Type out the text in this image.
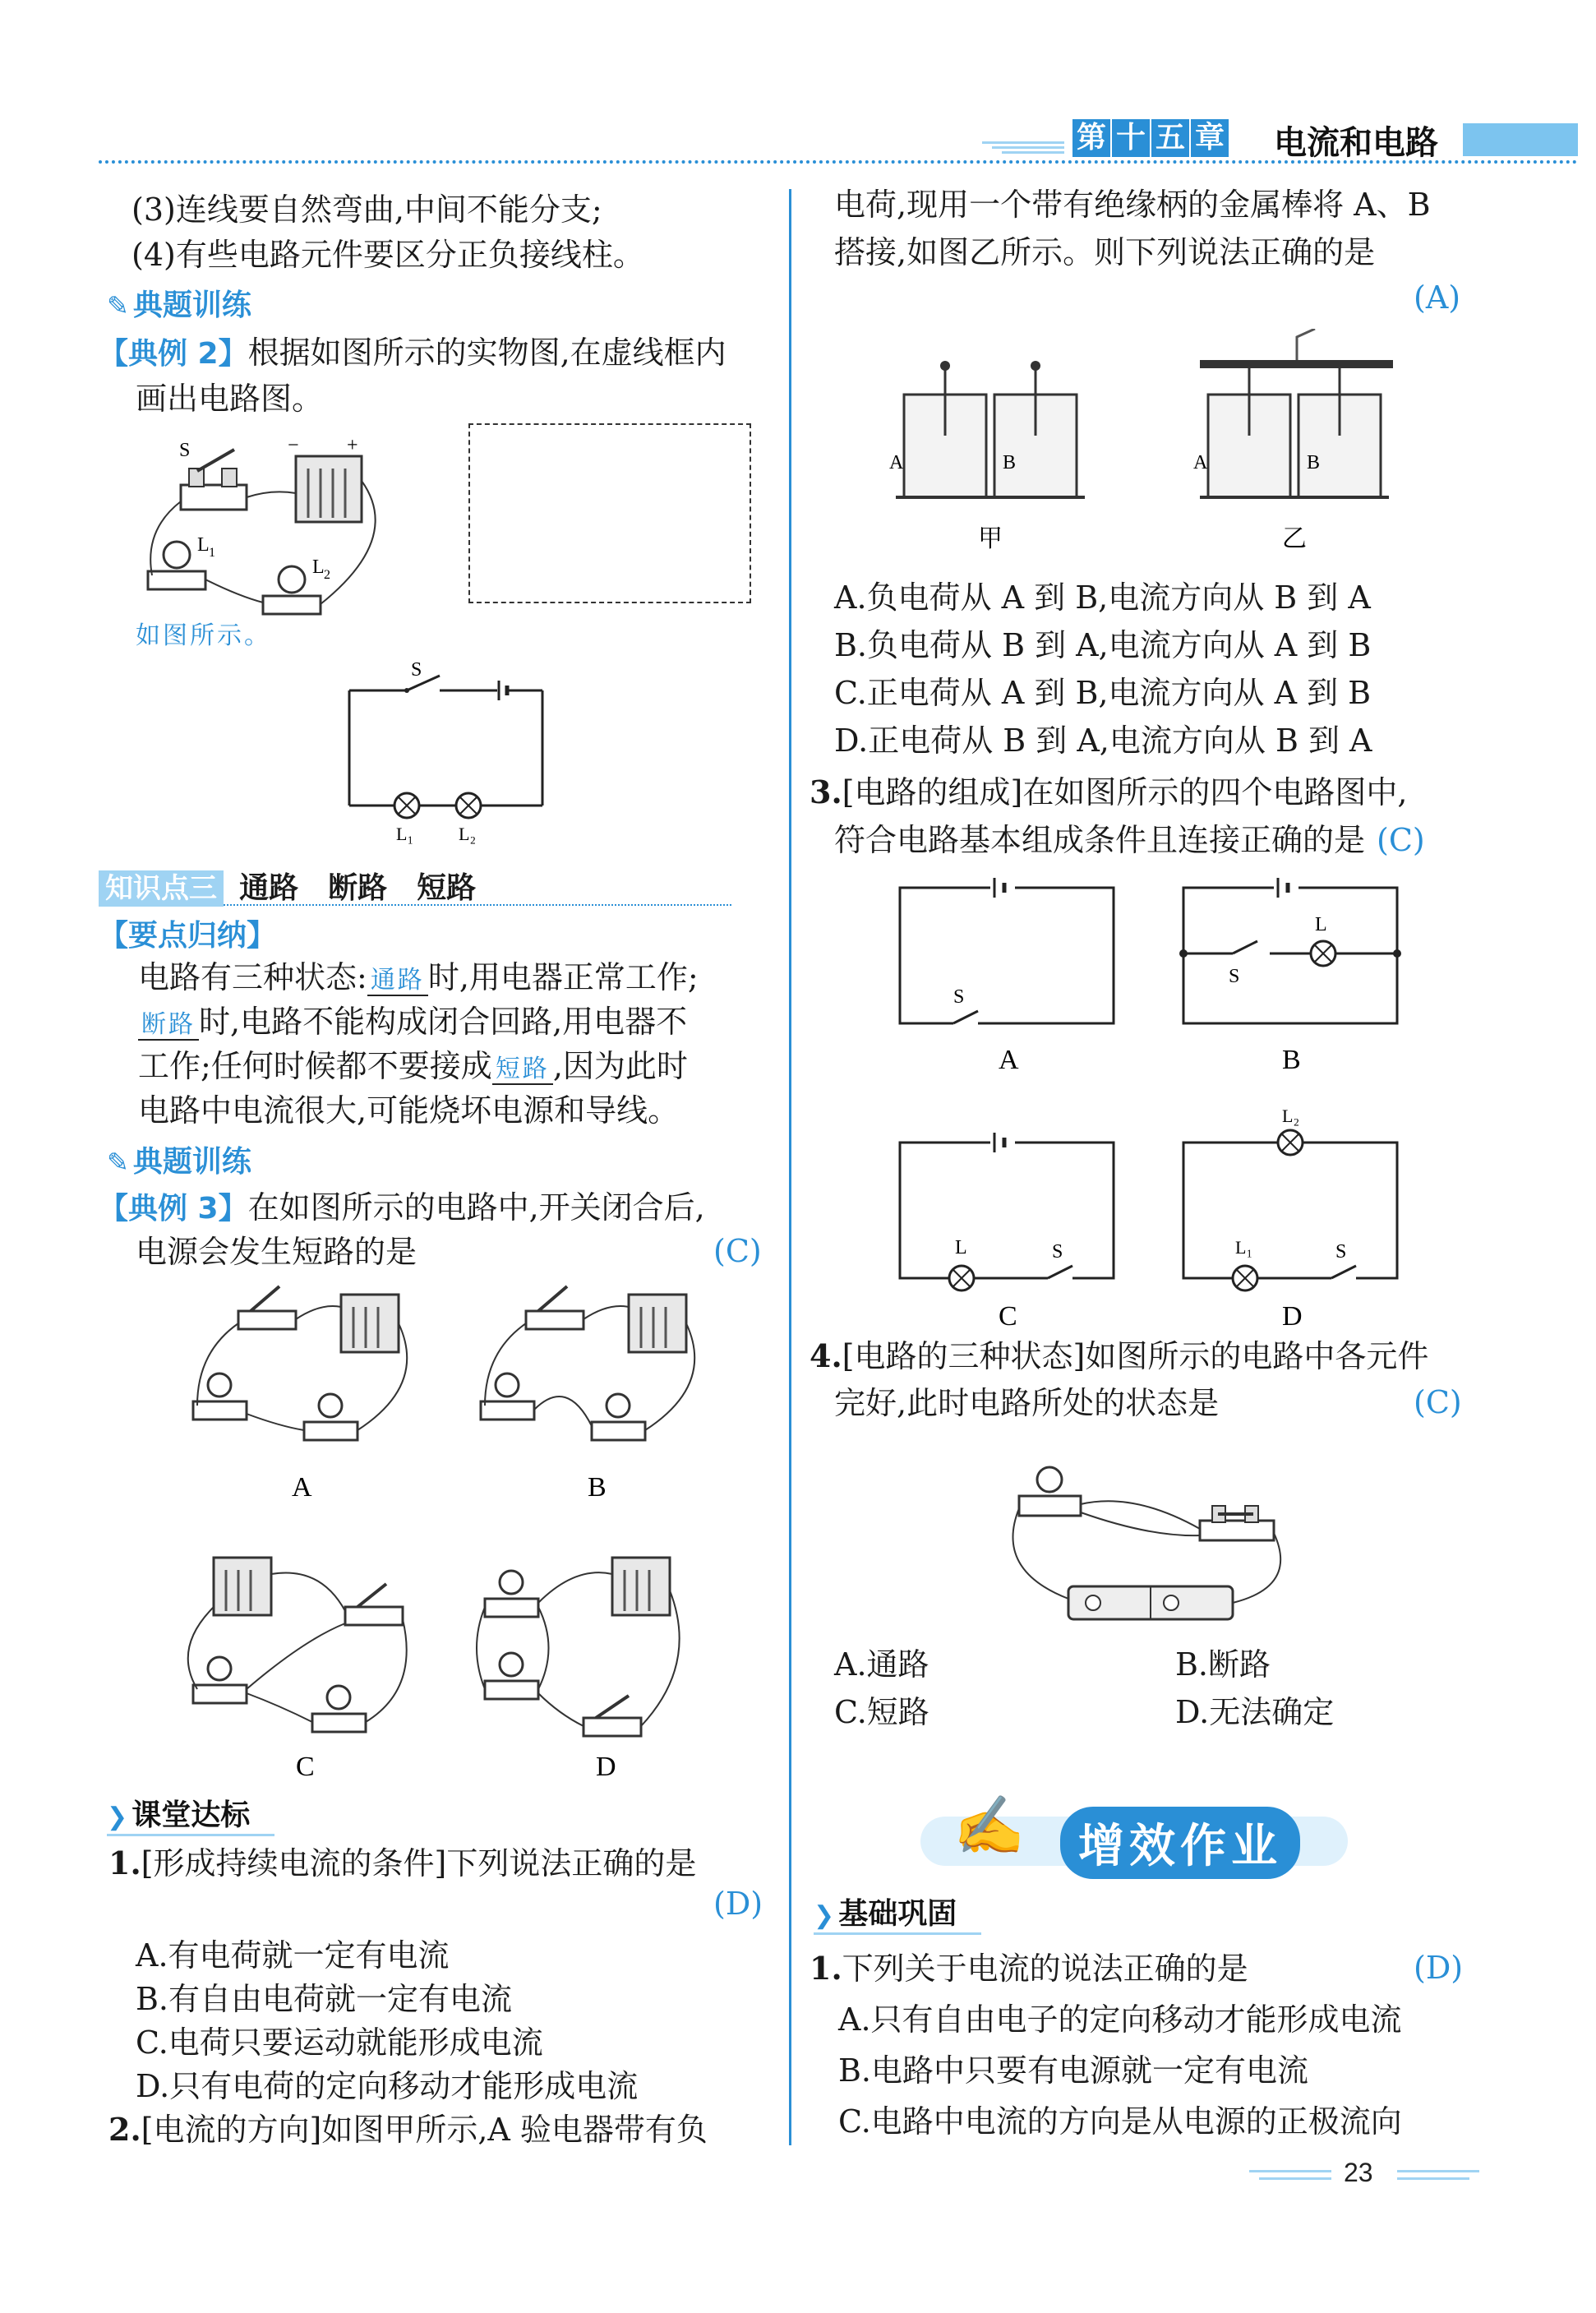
第 十 五 章 电流和电路
(3)连线要自然弯曲,中间不能分支;
(4)有些电路元件要区分正负接线柱。
✎ 典题训练
【典例 2】根据如图所示的实物图,在虚线框内
画出电路图。
S	− +
L 1
L 2
如图所示。
S
L₁ L₂
知识点三 通路　断路　短路
【要点归纳】
电路有三种状态: 通路 时,用电器正常工作;
断路 时,电路不能构成闭合回路,用电器不
工作;任何时候都不要接成 短路 ,因为此时
电路中电流很大,可能烧坏电源和导线。
✎ 典题训练
【典例 3】在如图所示的电路中,开关闭合后,
电源会发生短路的是	(C)
A	B
C	D
❯ 课堂达标
1.[形成持续电流的条件]下列说法正确的是
(D)
A.有电荷就一定有电流
B.有自由电荷就一定有电流
C.电荷只要运动就能形成电流
D.只有电荷的定向移动才能形成电流
2.[电流的方向]如图甲所示,A 验电器带有负
电荷,现用一个带有绝缘柄的金属棒将 A、B
搭接,如图乙所示。则下列说法正确的是
(A)
A	B	A	B
甲	乙
A.负电荷从 A 到 B,电流方向从 B 到 A
B.负电荷从 B 到 A,电流方向从 A 到 B
C.正电荷从 A 到 B,电流方向从 A 到 B
D.正电荷从 B 到 A,电流方向从 B 到 A
3.[电路的组成]在如图所示的四个电路图中,
符合电路基本组成条件且连接正确的是 (C)
S
S
L
L	S
L₂
L₁	S
A	B
C	D
4.[电路的三种状态]如图所示的电路中各元件
完好,此时电路所处的状态是	(C)
A.通路	B.断路
C.短路	D.无法确定
✍	增效作业
❯ 基础巩固
1.下列关于电流的说法正确的是	(D)
A.只有自由电子的定向移动才能形成电流
B.电路中只要有电源就一定有电流
C.电路中电流的方向是从电源的正极流向
23
